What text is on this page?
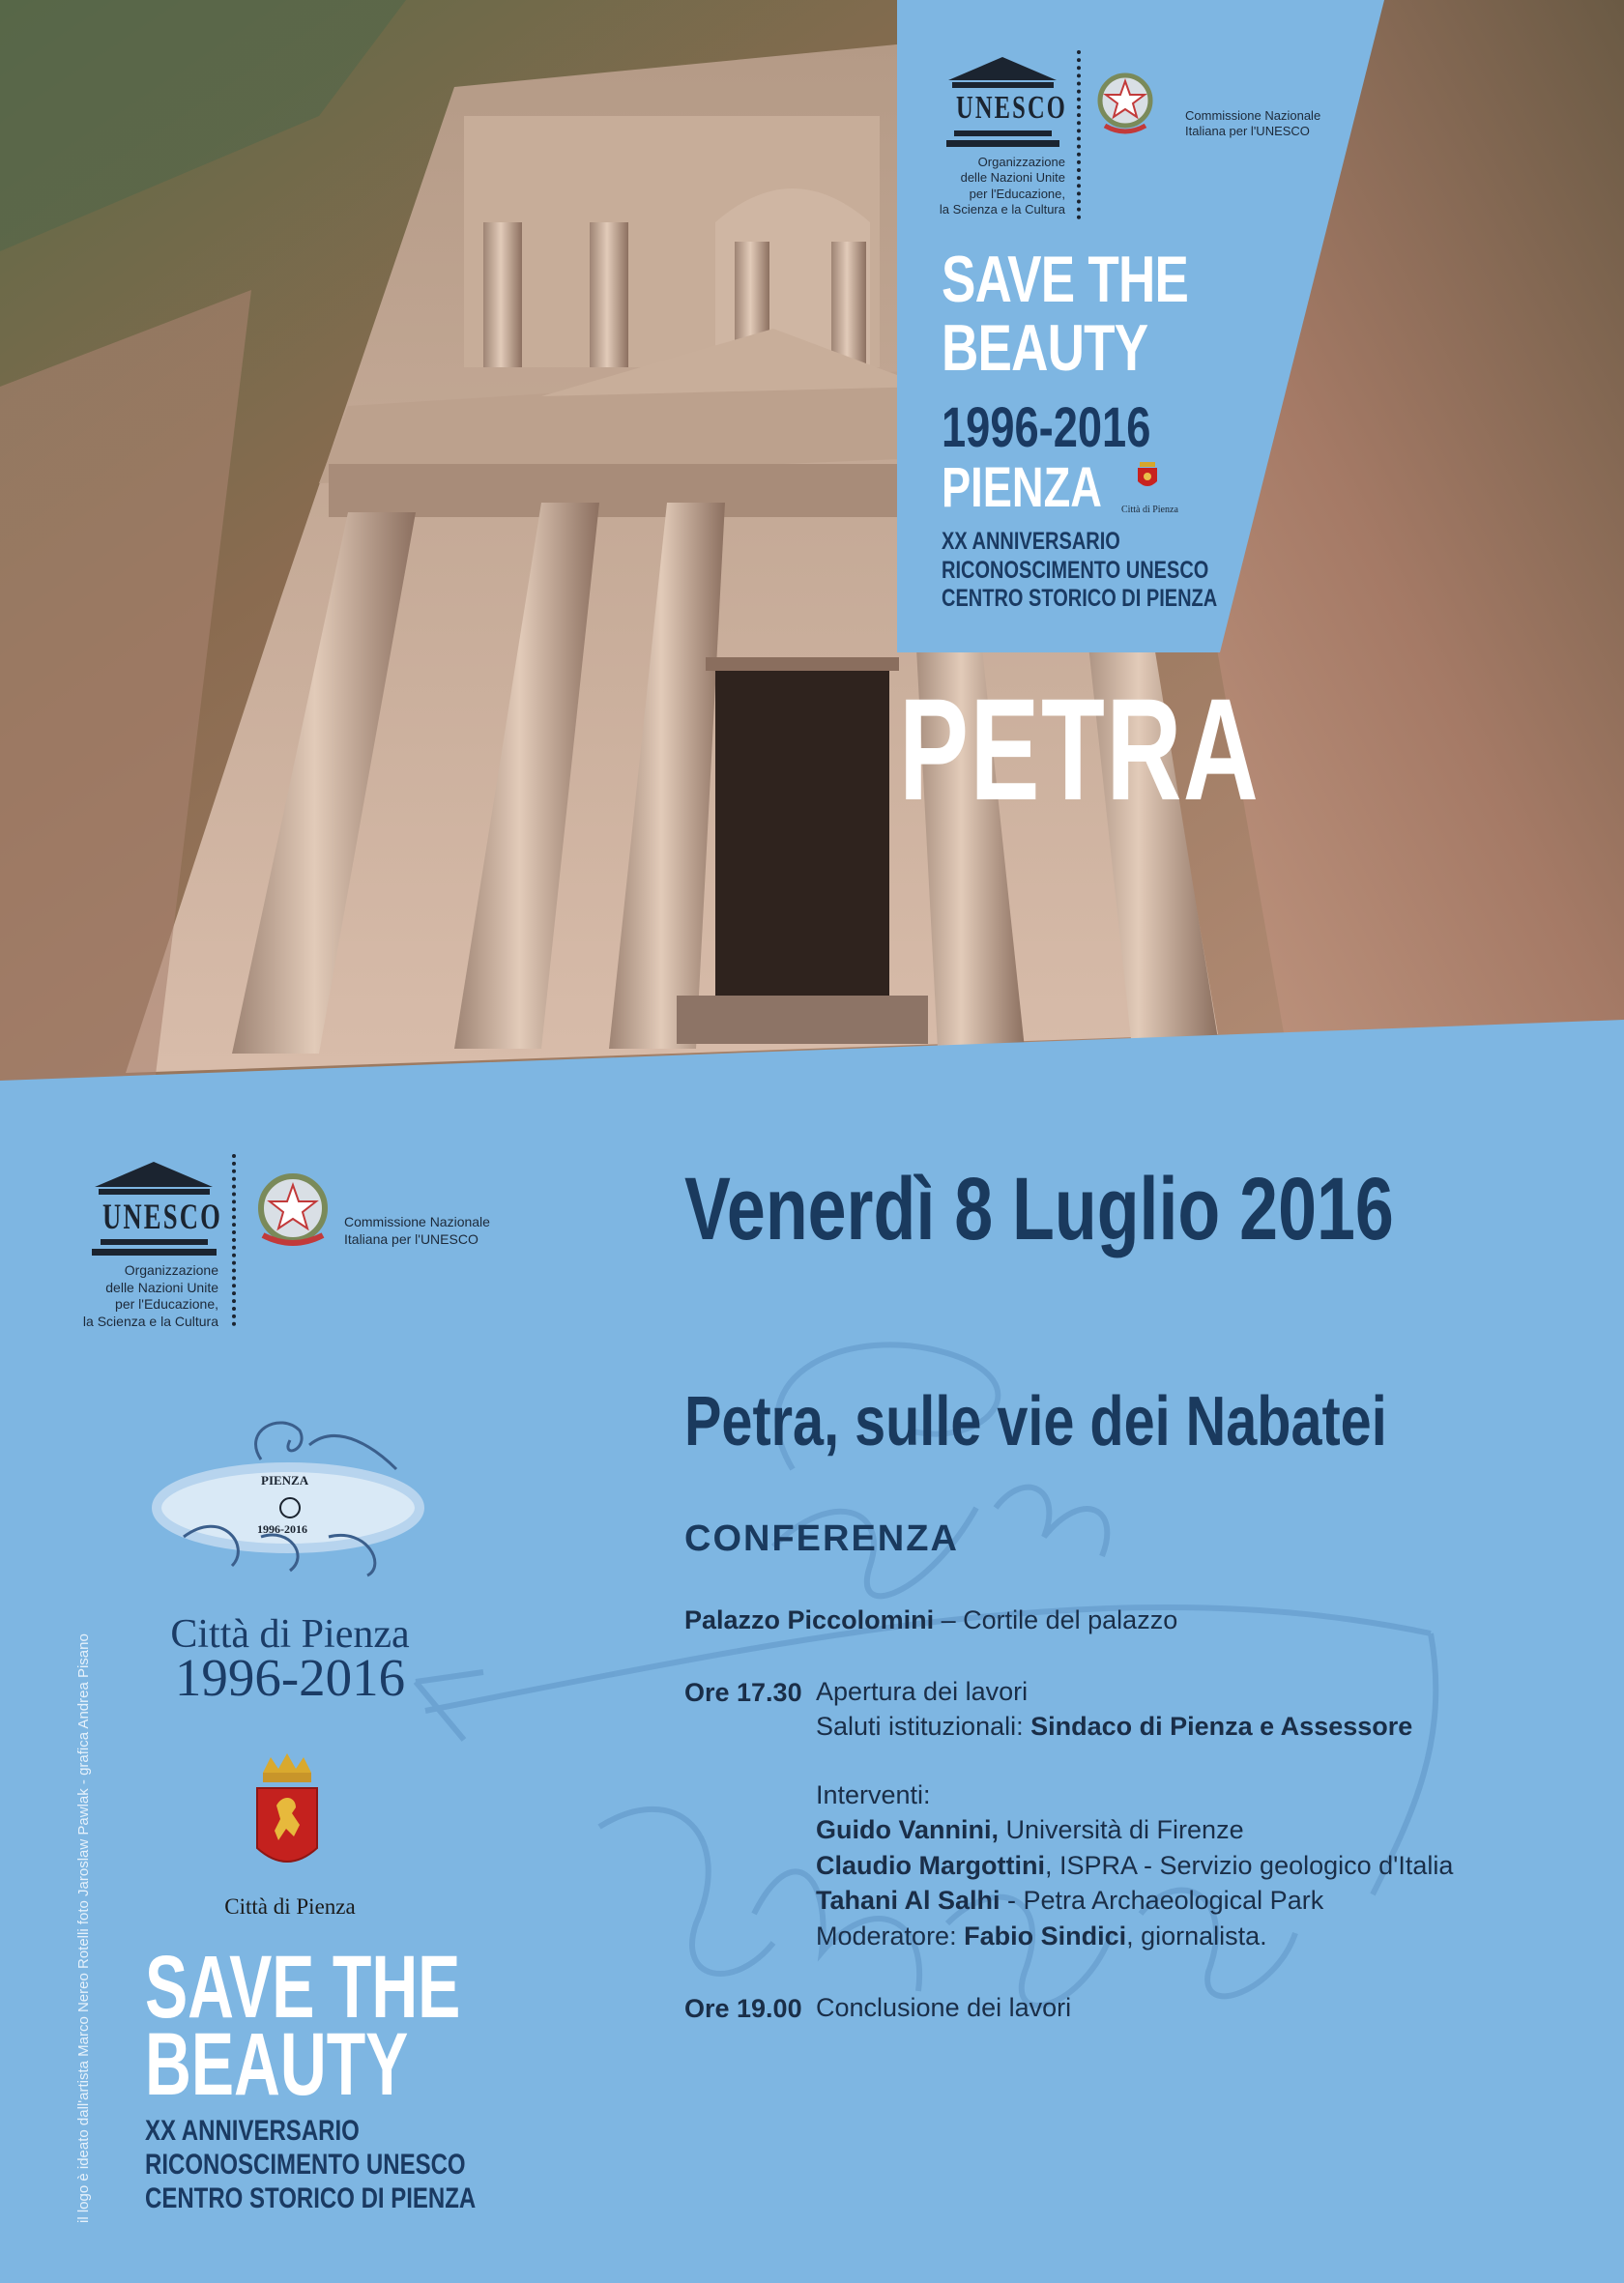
UNESCO
Organizzazione
delle Nazioni Unite
per l'Educazione,
la Scienza e la Cultura
Commissione Nazionale
Italiana per l'UNESCO
SAVE THE
BEAUTY
1996-2016
PIENZA Città di Pienza
XX ANNIVERSARIO
RICONOSCIMENTO UNESCO
CENTRO STORICO DI PIENZA
PETRA
UNESCO
Organizzazione
delle Nazioni Unite
per l'Educazione,
la Scienza e la Cultura
Commissione Nazionale
Italiana per l'UNESCO
PIENZA
1996-2016
Città di Pienza
1996-2016
Città di Pienza
SAVE THE
BEAUTY
XX ANNIVERSARIO
RICONOSCIMENTO UNESCO
CENTRO STORICO DI PIENZA
il logo è ideato dall'artista Marco Nereo Rotelli foto Jaroslaw Pawlak - grafica Andrea Pisano
Venerdì 8 Luglio 2016
Petra, sulle vie dei Nabatei
CONFERENZA
Palazzo Piccolomini – Cortile del palazzo
Ore 17.30 Apertura dei lavori
Saluti istituzionali: Sindaco di Pienza e Assessore
Interventi:
Guido Vannini, Università di Firenze
Claudio Margottini, ISPRA - Servizio geologico d'Italia
Tahani Al Salhi - Petra Archaeological Park
Moderatore: Fabio Sindici, giornalista.
Ore 19.00 Conclusione dei lavori
